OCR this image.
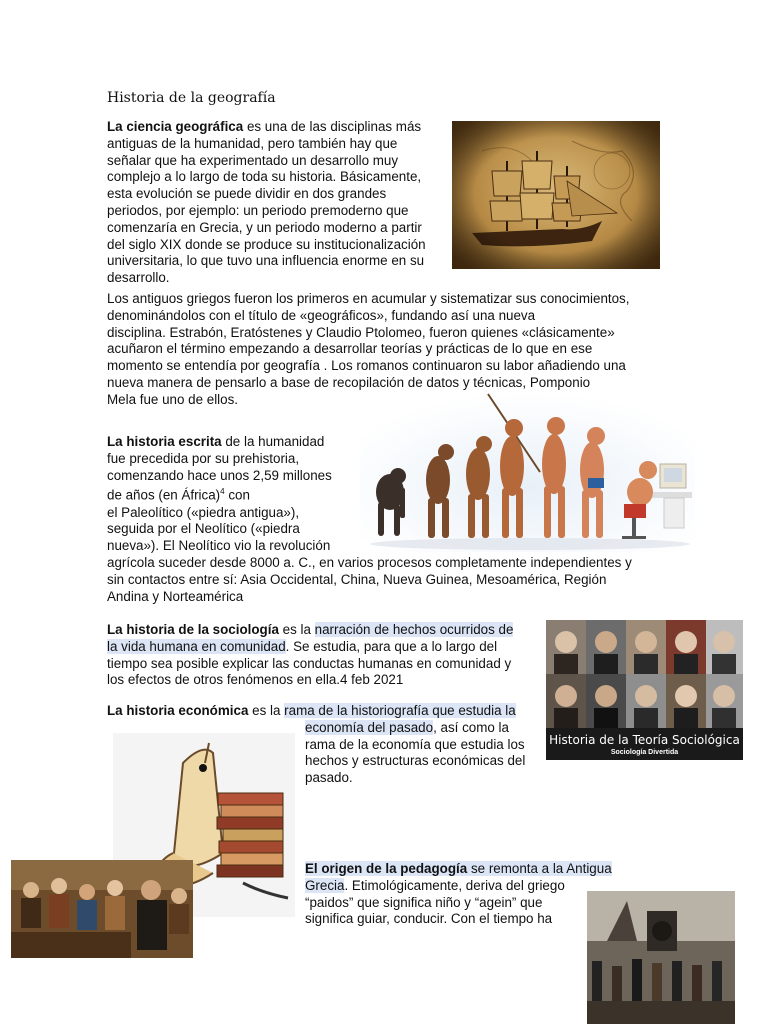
Historia de la geografía
La ciencia geográfica es una de las disciplinas más
antiguas de la humanidad, pero también hay que
señalar que ha experimentado un desarrollo muy
complejo a lo largo de toda su historia. Básicamente,
esta evolución se puede dividir en dos grandes
periodos, por ejemplo: un periodo premoderno que
comenzaría en Grecia, y un periodo moderno a partir
del siglo XIX donde se produce su institucionalización
universitaria, lo que tuvo una influencia enorme en su
desarrollo.
Los antiguos griegos fueron los primeros en acumular y sistematizar sus conocimientos,
denominándolos con el título de «geográficos», fundando así una nueva
disciplina. Estrabón, Eratóstenes y Claudio Ptolomeo, fueron quienes «clásicamente»
acuñaron el término empezando a desarrollar teorías y prácticas de lo que en ese
momento se entendía por geografía . Los romanos continuaron su labor añadiendo una
nueva manera de pensarlo a base de recopilación de datos y técnicas, Pomponio
Mela fue uno de ellos.
La historia escrita de la humanidad
fue precedida por su prehistoria,
comenzando hace unos 2,59 millones
de años (en África)$^4$ con
el Paleolítico («piedra antigua»),
seguida por el Neolítico («piedra
nueva»). El Neolítico vio la revolución
agrícola suceder desde 8000 a. C., en varios procesos completamente independientes y
sin contactos entre sí: Asia Occidental, China, Nueva Guinea, Mesoamérica, Región
Andina y Norteamérica
La historia de la sociología es la narración de hechos ocurridos de
la vida humana en comunidad. Se estudia, para que a lo largo del
tiempo sea posible explicar las conductas humanas en comunidad y
los efectos de otros fenómenos en ella.4 feb 2021
Historia de la Teoría Sociológica
Sociología Divertida
La historia económica es la rama de la historiografía que estudia la
economía del pasado, así como la
rama de la economía que estudia los
hechos y estructuras económicas del
pasado.
El origen de la pedagogía se remonta a la Antigua
Grecia. Etimológicamente, deriva del griego
“paidos” que significa niño y “agein” que
significa guiar, conducir. Con el tiempo ha
